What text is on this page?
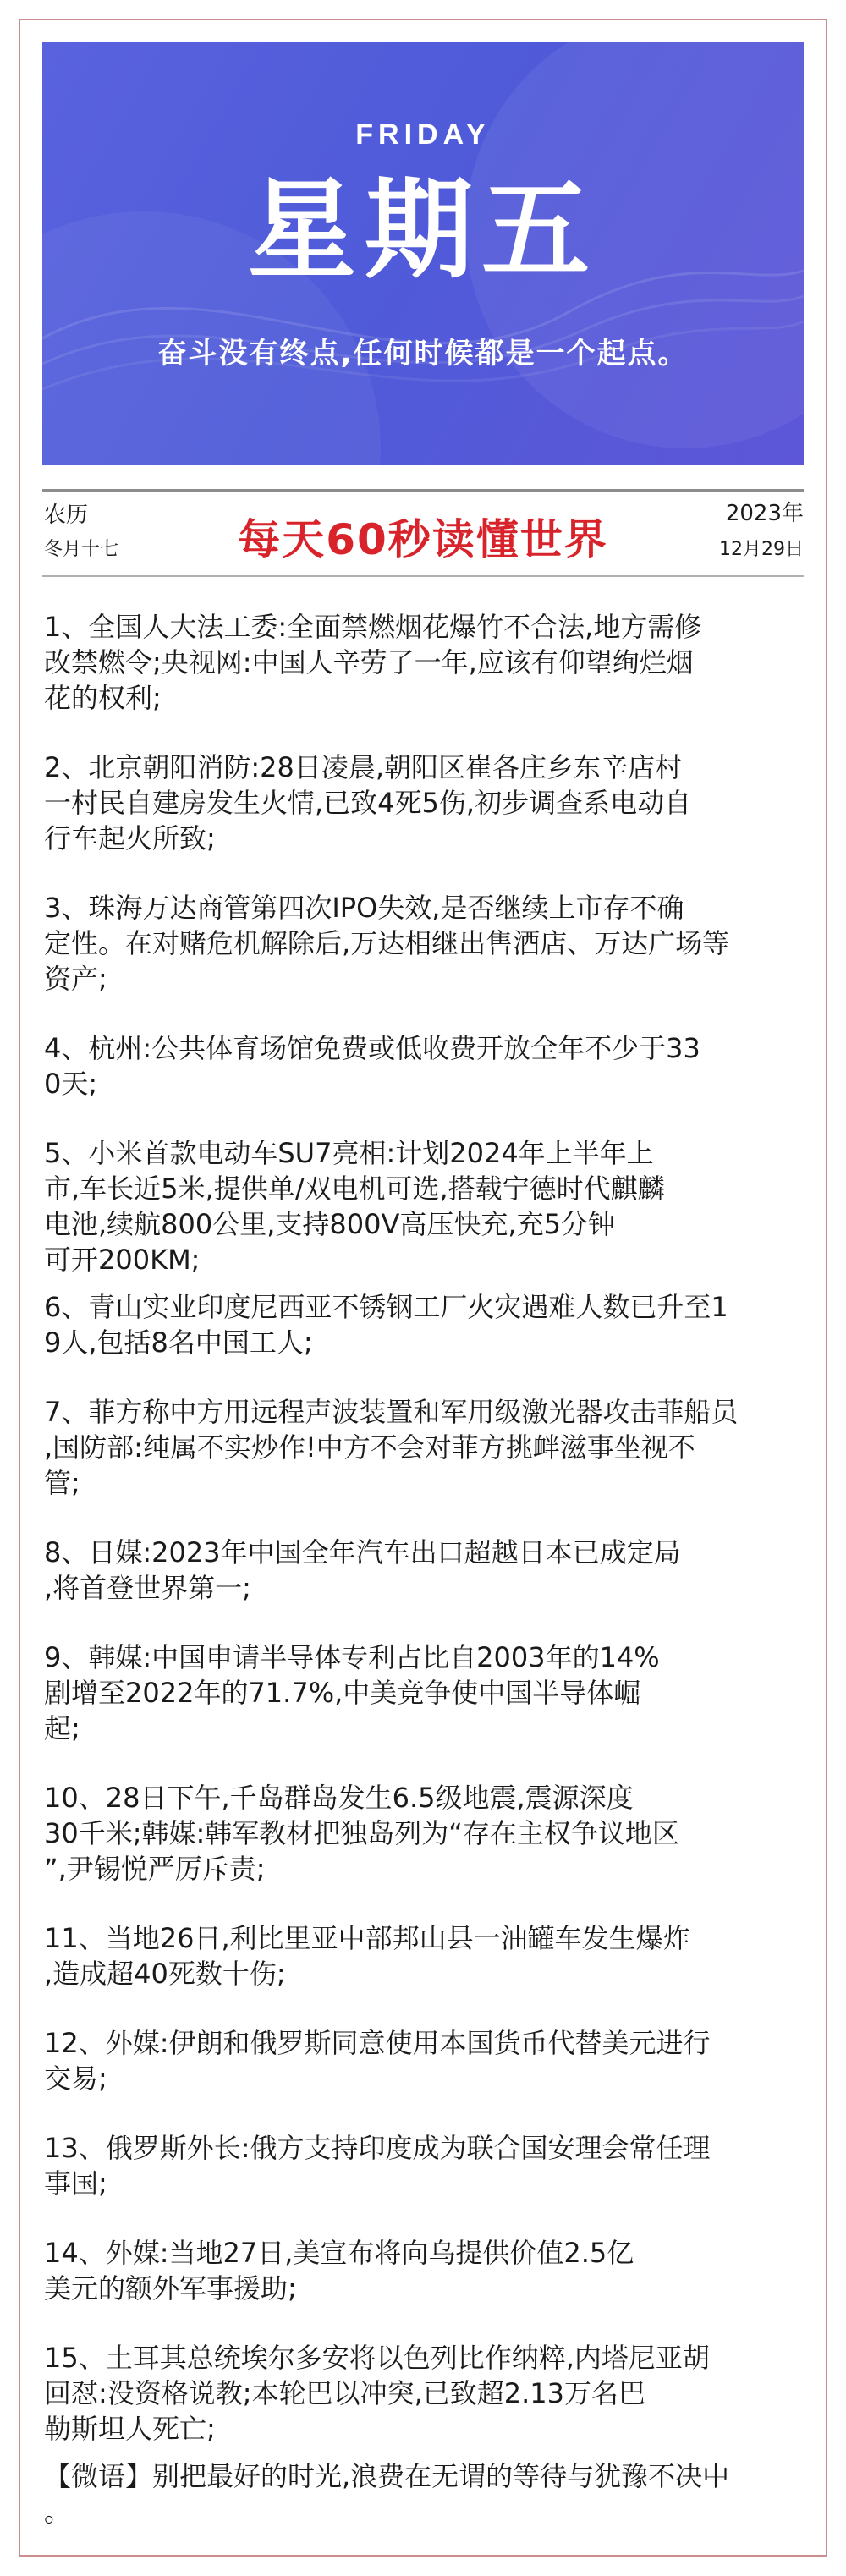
FRIDAY
星期五
奋斗没有终点,任何时候都是一个起点。
农历
冬月十七	每天60秒读懂世界
2023年
12月29日
1、全国人大法工委:全面禁燃烟花爆竹不合法,地方需修
改禁燃令;央视网:中国人辛劳了一年,应该有仰望绚烂烟
花的权利;
2、北京朝阳消防:28日凌晨,朝阳区崔各庄乡东辛店村
一村民自建房发生火情,已致4死5伤,初步调查系电动自
行车起火所致;
3、珠海万达商管第四次IPO失效,是否继续上市存不确
定性。在对赌危机解除后,万达相继出售酒店、万达广场等
资产;
4、杭州:公共体育场馆免费或低收费开放全年不少于33
0天;
5、小米首款电动车SU7亮相:计划2024年上半年上
市,车长近5米,提供单/双电机可选,搭载宁德时代麒麟
电池,续航800公里,支持800V高压快充,充5分钟
可开200KM;
6、青山实业印度尼西亚不锈钢工厂火灾遇难人数已升至1
9人,包括8名中国工人;
7、菲方称中方用远程声波装置和军用级激光器攻击菲船员
,国防部:纯属不实炒作!中方不会对菲方挑衅滋事坐视不
管;
8、日媒:2023年中国全年汽车出口超越日本已成定局
,将首登世界第一;
9、韩媒:中国申请半导体专利占比自2003年的14%
剧增至2022年的71.7%,中美竞争使中国半导体崛
起;
10、28日下午,千岛群岛发生6.5级地震,震源深度
30千米;韩媒:韩军教材把独岛列为“存在主权争议地区
”,尹锡悦严厉斥责;
11、当地26日,利比里亚中部邦山县一油罐车发生爆炸
,造成超40死数十伤;
12、外媒:伊朗和俄罗斯同意使用本国货币代替美元进行
交易;
13、俄罗斯外长:俄方支持印度成为联合国安理会常任理
事国;
14、外媒:当地27日,美宣布将向乌提供价值2.5亿
美元的额外军事援助;
15、土耳其总统埃尔多安将以色列比作纳粹,内塔尼亚胡
回怼:没资格说教;本轮巴以冲突,已致超2.13万名巴
勒斯坦人死亡;
【微语】别把最好的时光,浪费在无谓的等待与犹豫不决中
。
